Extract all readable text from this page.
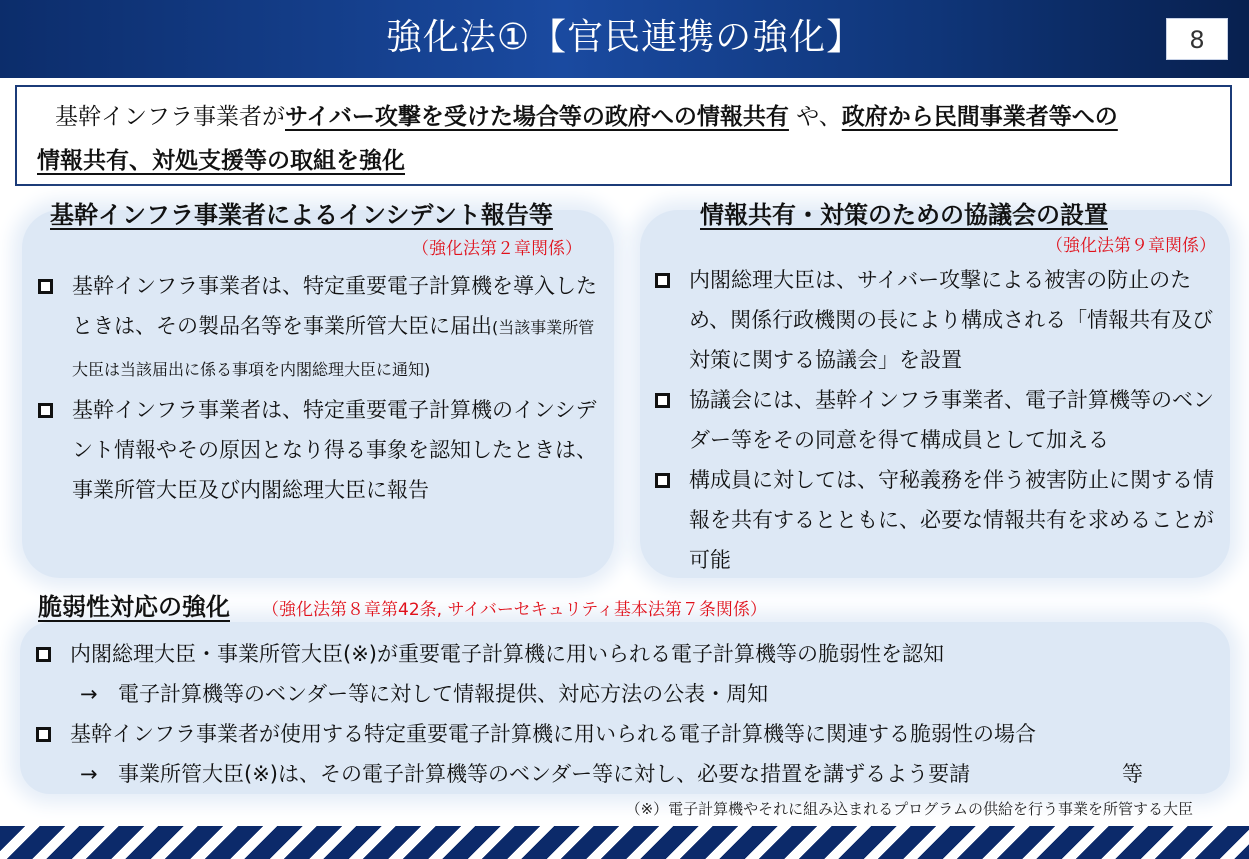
強化法①【官民連携の強化】	8
基幹インフラ事業者がサイバー攻撃を受けた場合等の政府への情報共有 や、政府から民間事業者等への
情報共有、対処支援等の取組を強化
基幹インフラ事業者によるインシデント報告等
（強化法第２章関係）
基幹インフラ事業者は、特定重要電子計算機を導入したときは、その製品名等を事業所管大臣に届出(当該事業所管大臣は当該届出に係る事項を内閣総理大臣に通知)
基幹インフラ事業者は、特定重要電子計算機のインシデント情報やその原因となり得る事象を認知したときは、事業所管大臣及び内閣総理大臣に報告
情報共有・対策のための協議会の設置
（強化法第９章関係）
内閣総理大臣は、サイバー攻撃による被害の防止のため、関係行政機関の長により構成される「情報共有及び対策に関する協議会」を設置
協議会には、基幹インフラ事業者、電子計算機等のベンダー等をその同意を得て構成員として加える
構成員に対しては、守秘義務を伴う被害防止に関する情報を共有するとともに、必要な情報共有を求めることが可能
脆弱性対応の強化 （強化法第８章第42条, サイバーセキュリティ基本法第７条関係）
内閣総理大臣・事業所管大臣(※)が重要電子計算機に用いられる電子計算機等の脆弱性を認知
→ 電子計算機等のベンダー等に対して情報提供、対応方法の公表・周知
基幹インフラ事業者が使用する特定重要電子計算機に用いられる電子計算機等に関連する脆弱性の場合
→ 事業所管大臣(※)は、その電子計算機等のベンダー等に対し、必要な措置を講ずるよう要請	等
（※）電子計算機やそれに組み込まれるプログラムの供給を行う事業を所管する大臣
